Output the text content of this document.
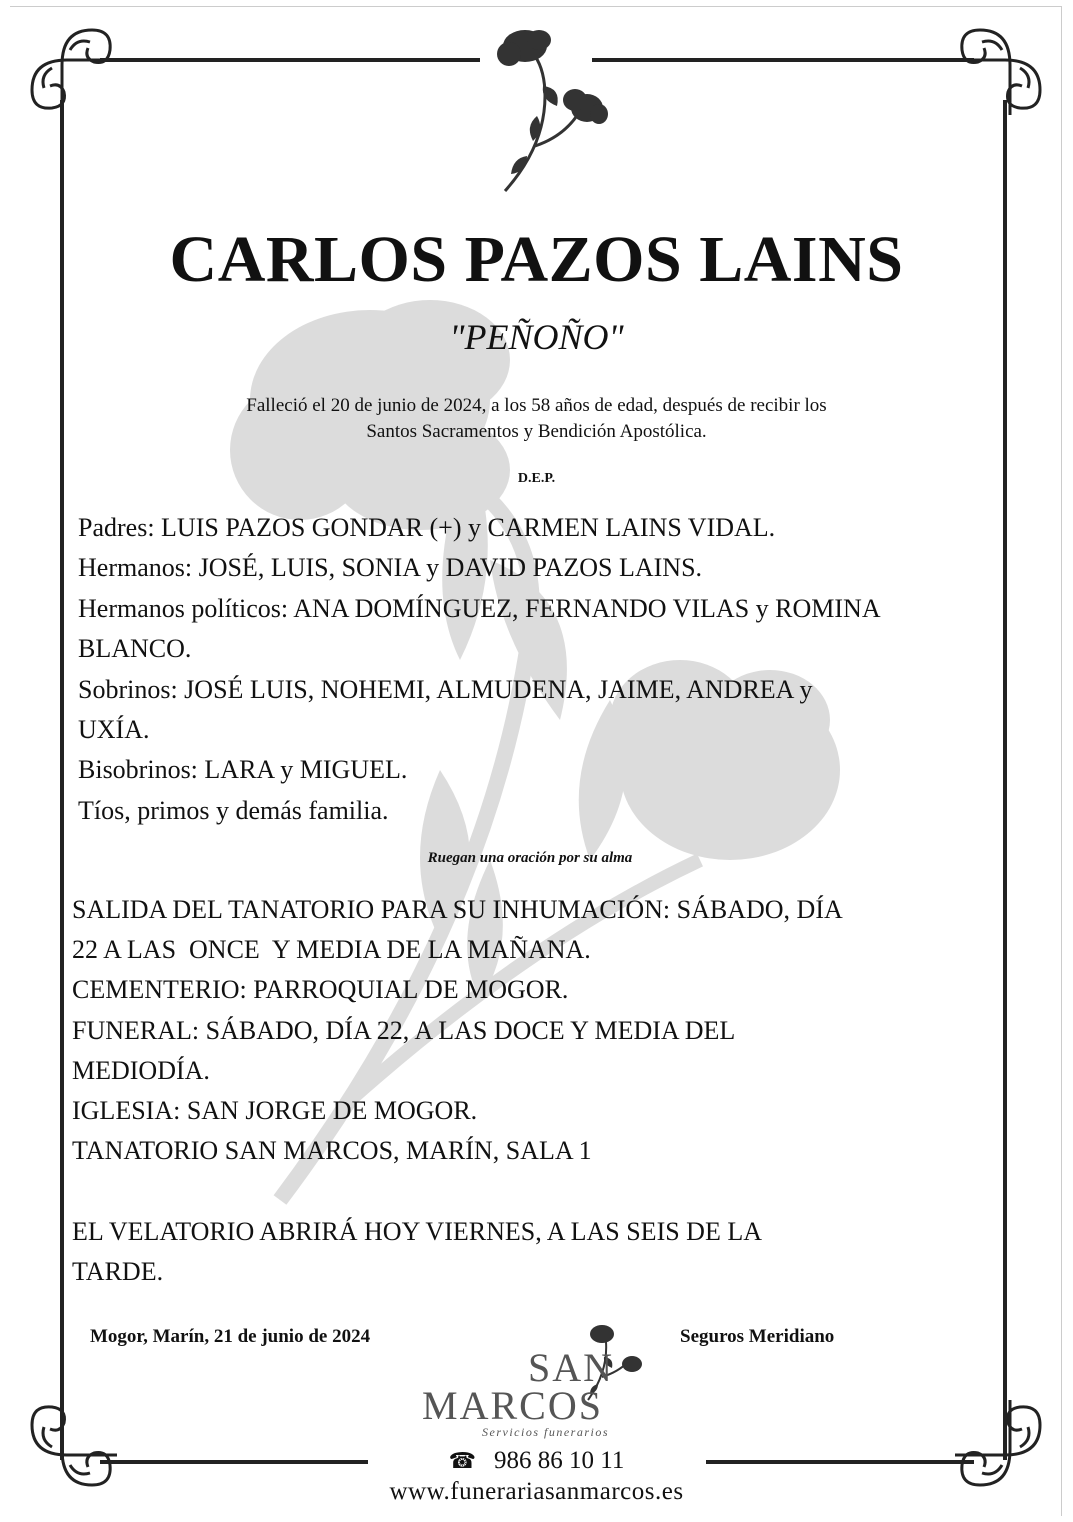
CARLOS PAZOS LAINS
"PEÑOÑO"
Falleció el 20 de junio de 2024, a los 58 años de edad, después de recibir los
Santos Sacramentos y Bendición Apostólica.
D.E.P.
Padres: LUIS PAZOS GONDAR (+) y CARMEN LAINS VIDAL.
Hermanos: JOSÉ, LUIS, SONIA y DAVID PAZOS LAINS.
Hermanos políticos: ANA DOMÍNGUEZ, FERNANDO VILAS y ROMINA
BLANCO.
Sobrinos: JOSÉ LUIS, NOHEMI, ALMUDENA, JAIME, ANDREA y
UXÍA.
Bisobrinos: LARA y MIGUEL.
Tíos, primos y demás familia.
Ruegan una oración por su alma
SALIDA DEL TANATORIO PARA SU INHUMACIÓN: SÁBADO, DÍA
22 A LAS  ONCE  Y MEDIA DE LA MAÑANA.
CEMENTERIO: PARROQUIAL DE MOGOR.
FUNERAL: SÁBADO, DÍA 22, A LAS DOCE Y MEDIA DEL
MEDIODÍA.
IGLESIA: SAN JORGE DE MOGOR.
TANATORIO SAN MARCOS, MARÍN, SALA 1
EL VELATORIO ABRIRÁ HOY VIERNES, A LAS SEIS DE LA
TARDE.
Mogor, Marín, 21 de junio de 2024	Seguros Meridiano
SAN
MARCOS
Servicios funerarios
☎ 986 86 10 11
www.funerariasanmarcos.es
